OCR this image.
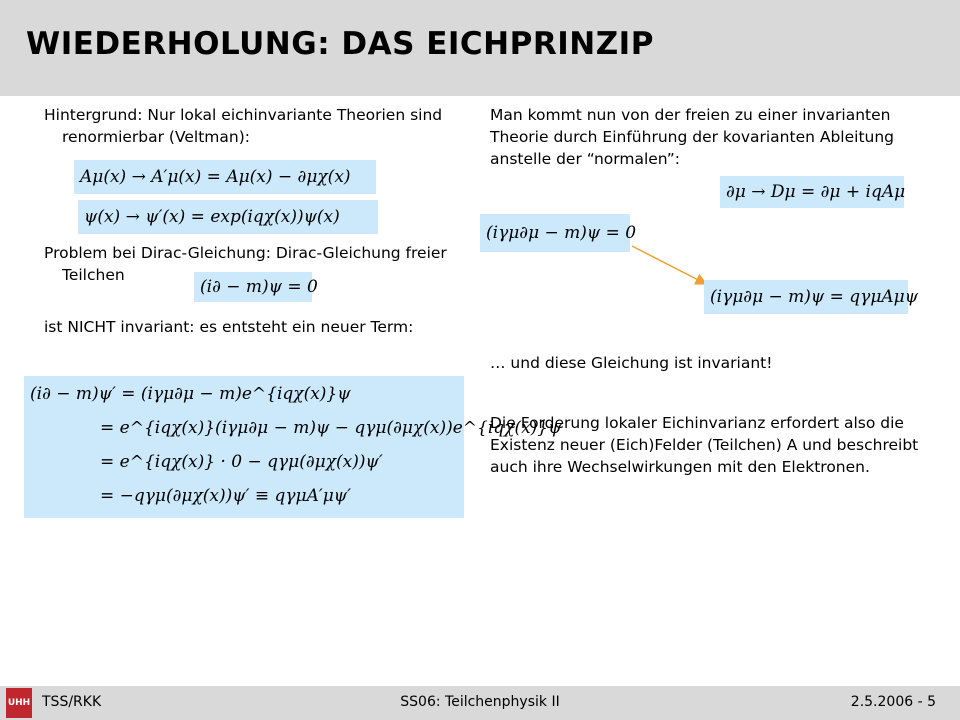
WIEDERHOLUNG: DAS EICHPRINZIP

Hintergrund: Nur lokal eichinvariante Theorien sind renormierbar (Veltman):

Aμ(x) → A′μ(x) = Aμ(x) − ∂μχ(x)
ψ(x) → ψ′(x) = exp(iqχ(x))ψ(x)

Problem bei Dirac-Gleichung: Dirac-Gleichung freier Teilchen

(i∂ − m)ψ = 0

ist NICHT invariant: es entsteht ein neuer Term:

(i∂ − m)ψ′ = (iγμ∂μ − m)e^{iqχ(x)}ψ
= e^{iqχ(x)}(iγμ∂μ − m)ψ − qγμ(∂μχ(x))e^{iqχ(x)}ψ
= e^{iqχ(x)} · 0 − qγμ(∂μχ(x))ψ′
= −qγμ(∂μχ(x))ψ′ ≡ qγμA′μψ′

Man kommt nun von der freien zu einer invarianten Theorie durch Einführung der kovarianten Ableitung anstelle der “normalen”:

∂μ → Dμ = ∂μ + iqAμ
(iγμ∂μ − m)ψ = 0
(iγμ∂μ − m)ψ = qγμAμψ

… und diese Gleichung ist invariant!

Die Forderung lokaler Eichinvarianz erfordert also die Existenz neuer (Eich)Felder (Teilchen) A und beschreibt auch ihre Wechselwirkungen mit den Elektronen.

UHH TSS/RKK	SS06: Teilchenphysik II	2.5.2006 - 5
